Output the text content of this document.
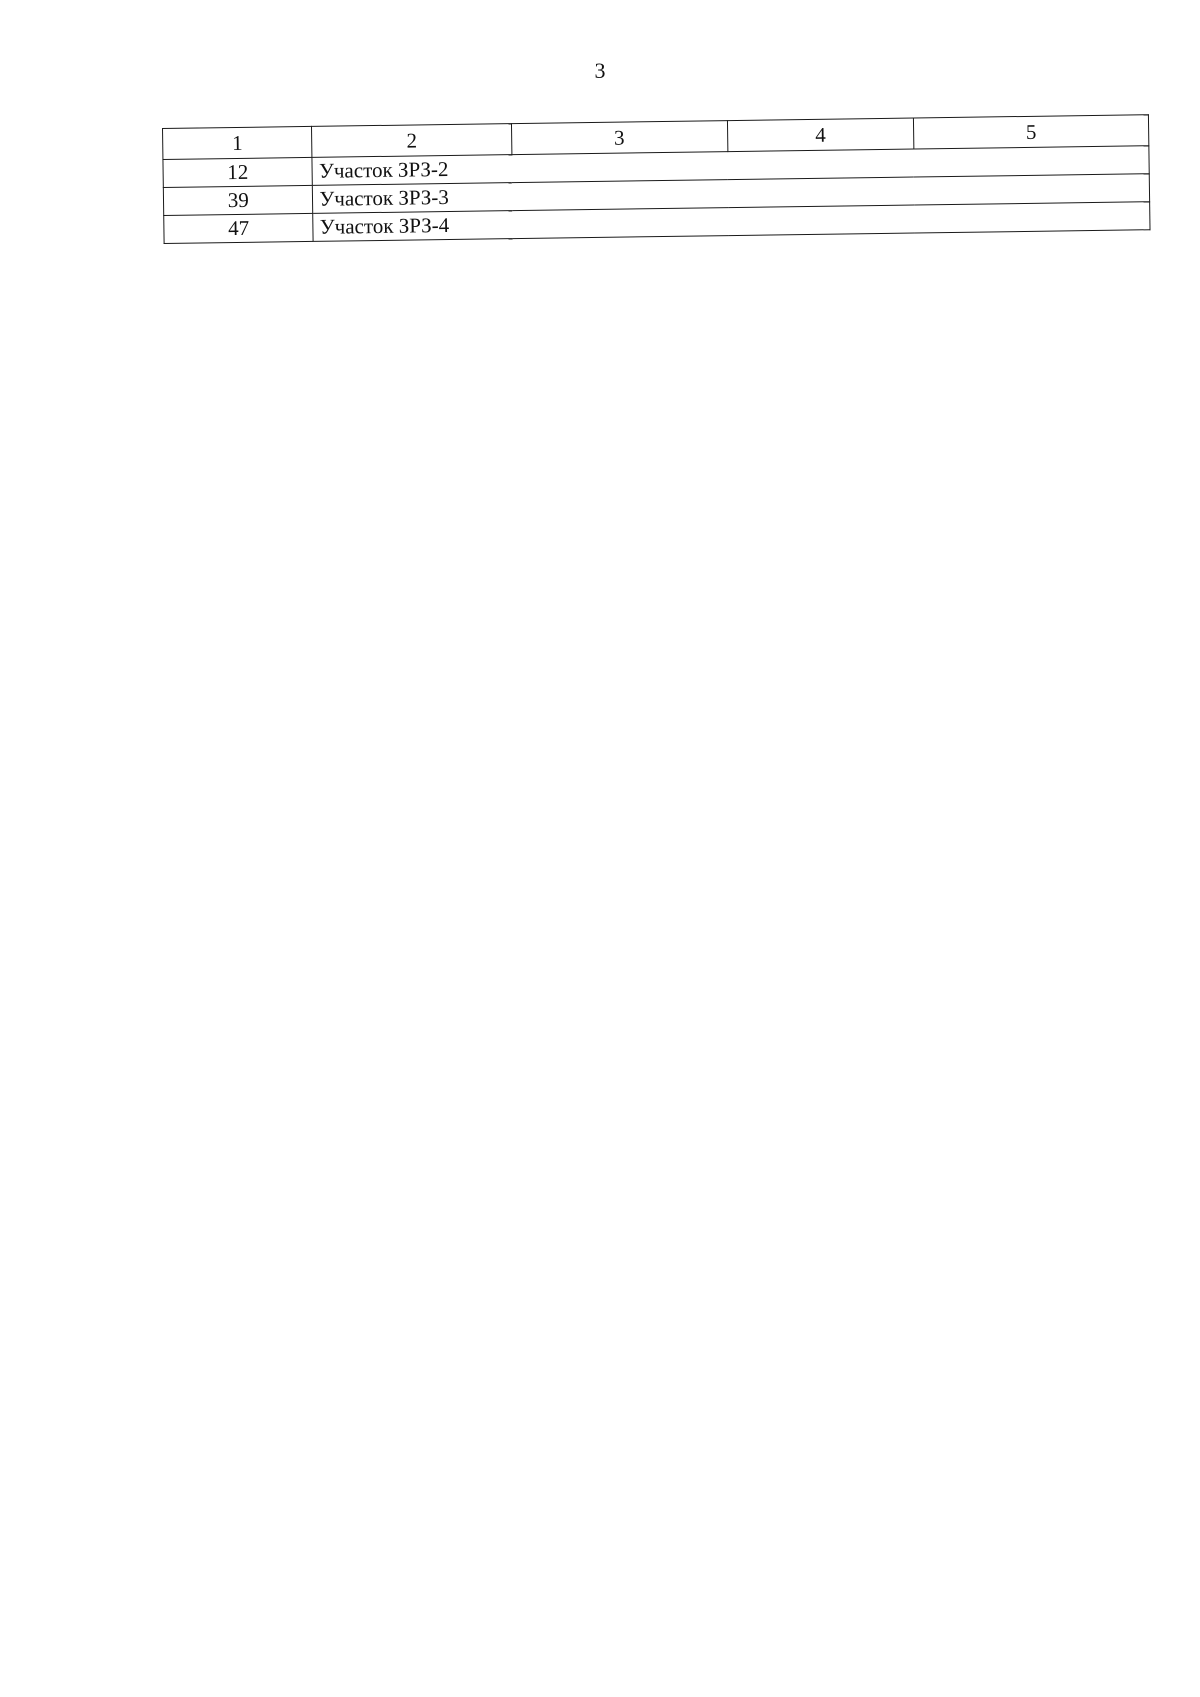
3
1	2	3	4	5
12	Участок ЗРЗ-2			
39	Участок ЗРЗ-3			
47	Участок ЗРЗ-4			
